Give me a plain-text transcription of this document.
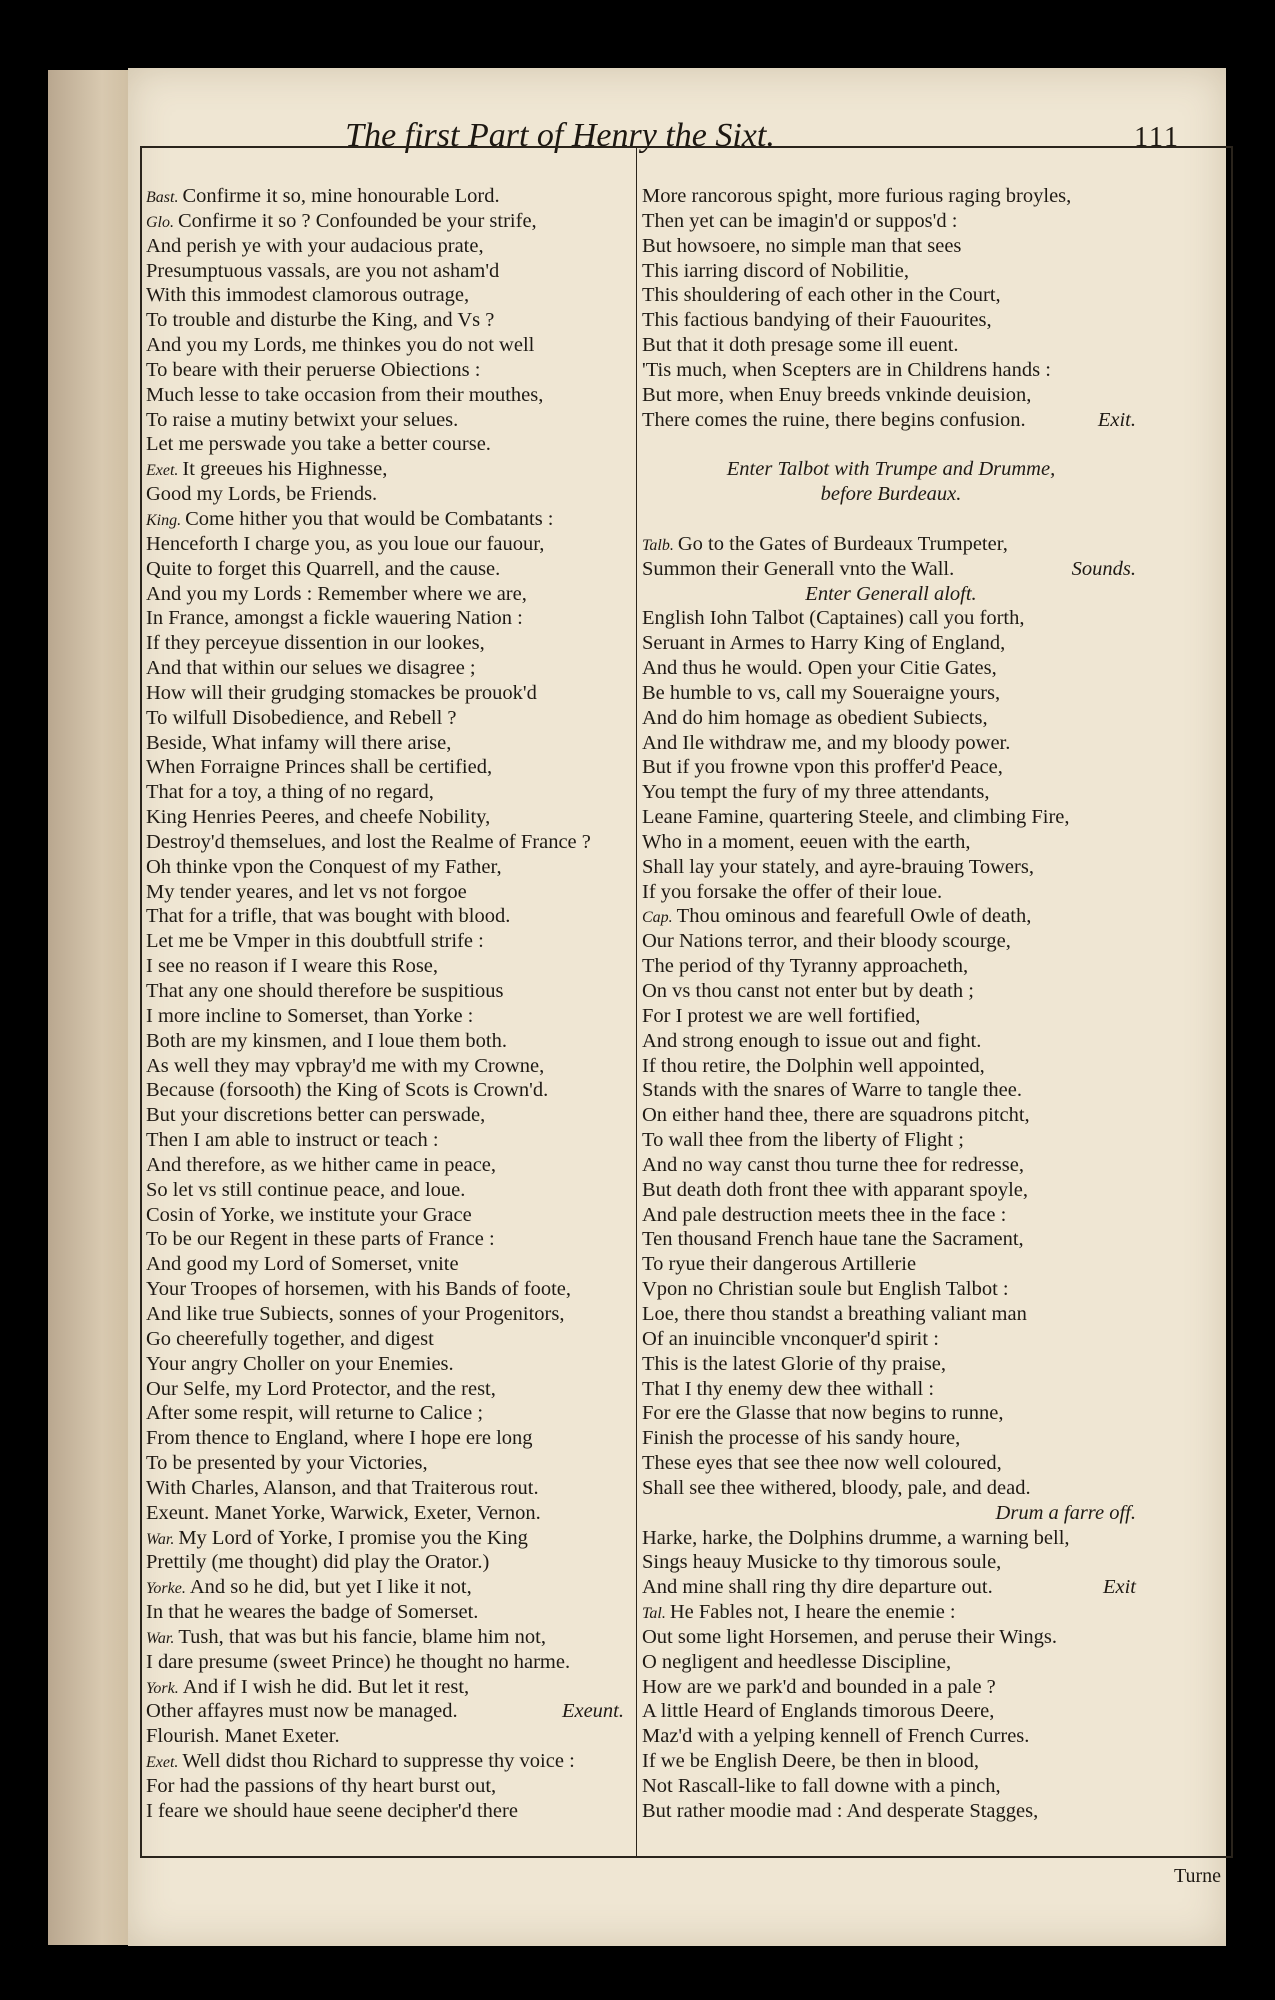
The first Part of Henry the Sixt.	111
Bast. Confirme it so, mine honourable Lord.
Glo. Confirme it so ? Confounded be your strife,
And perish ye with your audacious prate,
Presumptuous vassals, are you not asham'd
With this immodest clamorous outrage,
To trouble and disturbe the King, and Vs ?
And you my Lords, me thinkes you do not well
To beare with their peruerse Obiections :
Much lesse to take occasion from their mouthes,
To raise a mutiny betwixt your selues.
Let me perswade you take a better course.
Exet. It greeues his Highnesse,
Good my Lords, be Friends.
King. Come hither you that would be Combatants :
Henceforth I charge you, as you loue our fauour,
Quite to forget this Quarrell, and the cause.
And you my Lords : Remember where we are,
In France, amongst a fickle wauering Nation :
If they perceyue dissention in our lookes,
And that within our selues we disagree ;
How will their grudging stomackes be prouok'd
To wilfull Disobedience, and Rebell ?
Beside, What infamy will there arise,
When Forraigne Princes shall be certified,
That for a toy, a thing of no regard,
King Henries Peeres, and cheefe Nobility,
Destroy'd themselues, and lost the Realme of France ?
Oh thinke vpon the Conquest of my Father,
My tender yeares, and let vs not forgoe
That for a trifle, that was bought with blood.
Let me be Vmper in this doubtfull strife :
I see no reason if I weare this Rose,
That any one should therefore be suspitious
I more incline to Somerset, than Yorke :
Both are my kinsmen, and I loue them both.
As well they may vpbray'd me with my Crowne,
Because (forsooth) the King of Scots is Crown'd.
But your discretions better can perswade,
Then I am able to instruct or teach :
And therefore, as we hither came in peace,
So let vs still continue peace, and loue.
Cosin of Yorke, we institute your Grace
To be our Regent in these parts of France :
And good my Lord of Somerset, vnite
Your Troopes of horsemen, with his Bands of foote,
And like true Subiects, sonnes of your Progenitors,
Go cheerefully together, and digest
Your angry Choller on your Enemies.
Our Selfe, my Lord Protector, and the rest,
After some respit, will returne to Calice ;
From thence to England, where I hope ere long
To be presented by your Victories,
With Charles, Alanson, and that Traiterous rout.
Exeunt. Manet Yorke, Warwick, Exeter, Vernon.
War. My Lord of Yorke, I promise you the King
Prettily (me thought) did play the Orator.)
Yorke. And so he did, but yet I like it not,
In that he weares the badge of Somerset.
War. Tush, that was but his fancie, blame him not,
I dare presume (sweet Prince) he thought no harme.
York. And if I wish he did. But let it rest,
Other affayres must now be managed.	Exeunt.
Flourish. Manet Exeter.
Exet. Well didst thou Richard to suppresse thy voice :
For had the passions of thy heart burst out,
I feare we should haue seene decipher'd there
More rancorous spight, more furious raging broyles,
Then yet can be imagin'd or suppos'd :
But howsoere, no simple man that sees
This iarring discord of Nobilitie,
This shouldering of each other in the Court,
This factious bandying of their Fauourites,
But that it doth presage some ill euent.
'Tis much, when Scepters are in Childrens hands :
But more, when Enuy breeds vnkinde deuision,
There comes the ruine, there begins confusion.	Exit.
Enter Talbot with Trumpe and Drumme,
before Burdeaux.
Talb. Go to the Gates of Burdeaux Trumpeter,
Summon their Generall vnto the Wall.	Sounds.
Enter Generall aloft.
English Iohn Talbot (Captaines) call you forth,
Seruant in Armes to Harry King of England,
And thus he would. Open your Citie Gates,
Be humble to vs, call my Soueraigne yours,
And do him homage as obedient Subiects,
And Ile withdraw me, and my bloody power.
But if you frowne vpon this proffer'd Peace,
You tempt the fury of my three attendants,
Leane Famine, quartering Steele, and climbing Fire,
Who in a moment, eeuen with the earth,
Shall lay your stately, and ayre-brauing Towers,
If you forsake the offer of their loue.
Cap. Thou ominous and fearefull Owle of death,
Our Nations terror, and their bloody scourge,
The period of thy Tyranny approacheth,
On vs thou canst not enter but by death ;
For I protest we are well fortified,
And strong enough to issue out and fight.
If thou retire, the Dolphin well appointed,
Stands with the snares of Warre to tangle thee.
On either hand thee, there are squadrons pitcht,
To wall thee from the liberty of Flight ;
And no way canst thou turne thee for redresse,
But death doth front thee with apparant spoyle,
And pale destruction meets thee in the face :
Ten thousand French haue tane the Sacrament,
To ryue their dangerous Artillerie
Vpon no Christian soule but English Talbot :
Loe, there thou standst a breathing valiant man
Of an inuincible vnconquer'd spirit :
This is the latest Glorie of thy praise,
That I thy enemy dew thee withall :
For ere the Glasse that now begins to runne,
Finish the processe of his sandy houre,
These eyes that see thee now well coloured,
Shall see thee withered, bloody, pale, and dead.
Drum a farre off.
Harke, harke, the Dolphins drumme, a warning bell,
Sings heauy Musicke to thy timorous soule,
And mine shall ring thy dire departure out.	Exit
Tal. He Fables not, I heare the enemie :
Out some light Horsemen, and peruse their Wings.
O negligent and heedlesse Discipline,
How are we park'd and bounded in a pale ?
A little Heard of Englands timorous Deere,
Maz'd with a yelping kennell of French Curres.
If we be English Deere, be then in blood,
Not Rascall-like to fall downe with a pinch,
But rather moodie mad : And desperate Stagges,
Turne
